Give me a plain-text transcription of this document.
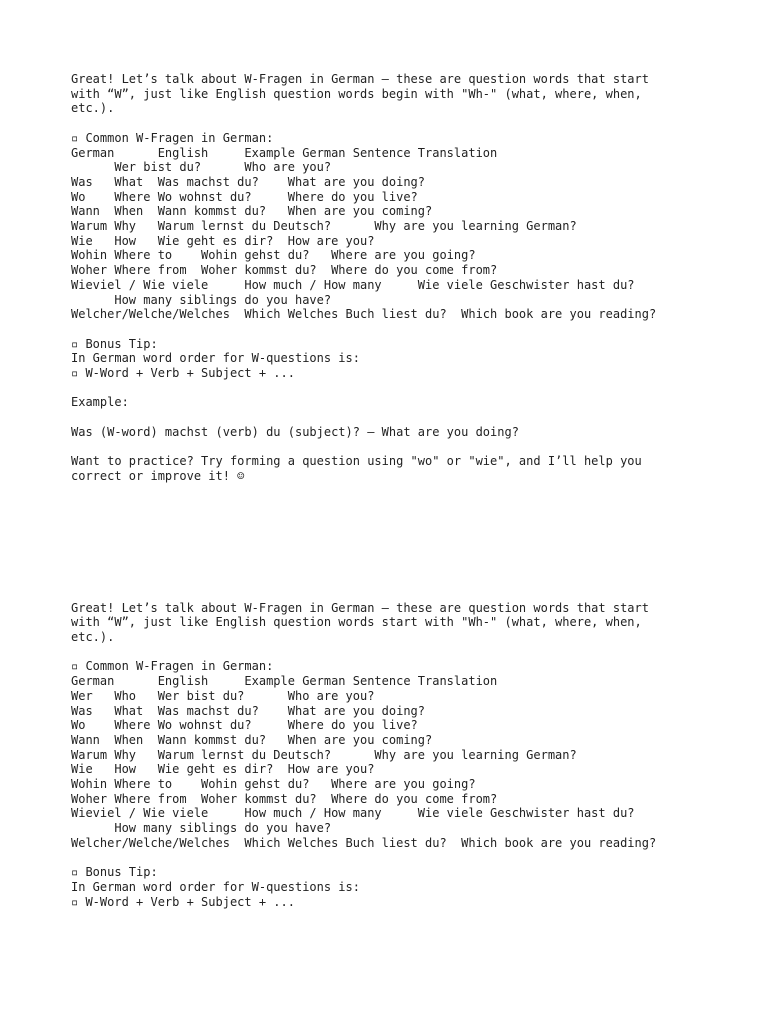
Great! Let’s talk about W-Fragen in German — these are question words that start
with “W”, just like English question words begin with "Wh-" (what, where, when,
etc.).
▫ Common W-Fragen in German:
German      English     Example German Sentence Translation
Wer bist du?      Who are you?
Was   What  Was machst du?    What are you doing?
Wo    Where Wo wohnst du?     Where do you live?
Wann  When  Wann kommst du?   When are you coming?
Warum Why   Warum lernst du Deutsch?      Why are you learning German?
Wie   How   Wie geht es dir?  How are you?
Wohin Where to    Wohin gehst du?   Where are you going?
Woher Where from  Woher kommst du?  Where do you come from?
Wieviel / Wie viele     How much / How many     Wie viele Geschwister hast du?
How many siblings do you have?
Welcher/Welche/Welches  Which Welches Buch liest du?  Which book are you reading?
▫ Bonus Tip:
In German word order for W-questions is:
▫ W-Word + Verb + Subject + ...
Example:
Was (W-word) machst (verb) du (subject)? – What are you doing?
Want to practice? Try forming a question using "wo" or "wie", and I’ll help you
correct or improve it! ☺
Great! Let’s talk about W-Fragen in German — these are question words that start
with “W”, just like English question words start with "Wh-" (what, where, when,
etc.).
▫ Common W-Fragen in German:
German      English     Example German Sentence Translation
Wer   Who   Wer bist du?      Who are you?
Was   What  Was machst du?    What are you doing?
Wo    Where Wo wohnst du?     Where do you live?
Wann  When  Wann kommst du?   When are you coming?
Warum Why   Warum lernst du Deutsch?      Why are you learning German?
Wie   How   Wie geht es dir?  How are you?
Wohin Where to    Wohin gehst du?   Where are you going?
Woher Where from  Woher kommst du?  Where do you come from?
Wieviel / Wie viele     How much / How many     Wie viele Geschwister hast du?
How many siblings do you have?
Welcher/Welche/Welches  Which Welches Buch liest du?  Which book are you reading?
▫ Bonus Tip:
In German word order for W-questions is:
▫ W-Word + Verb + Subject + ...
